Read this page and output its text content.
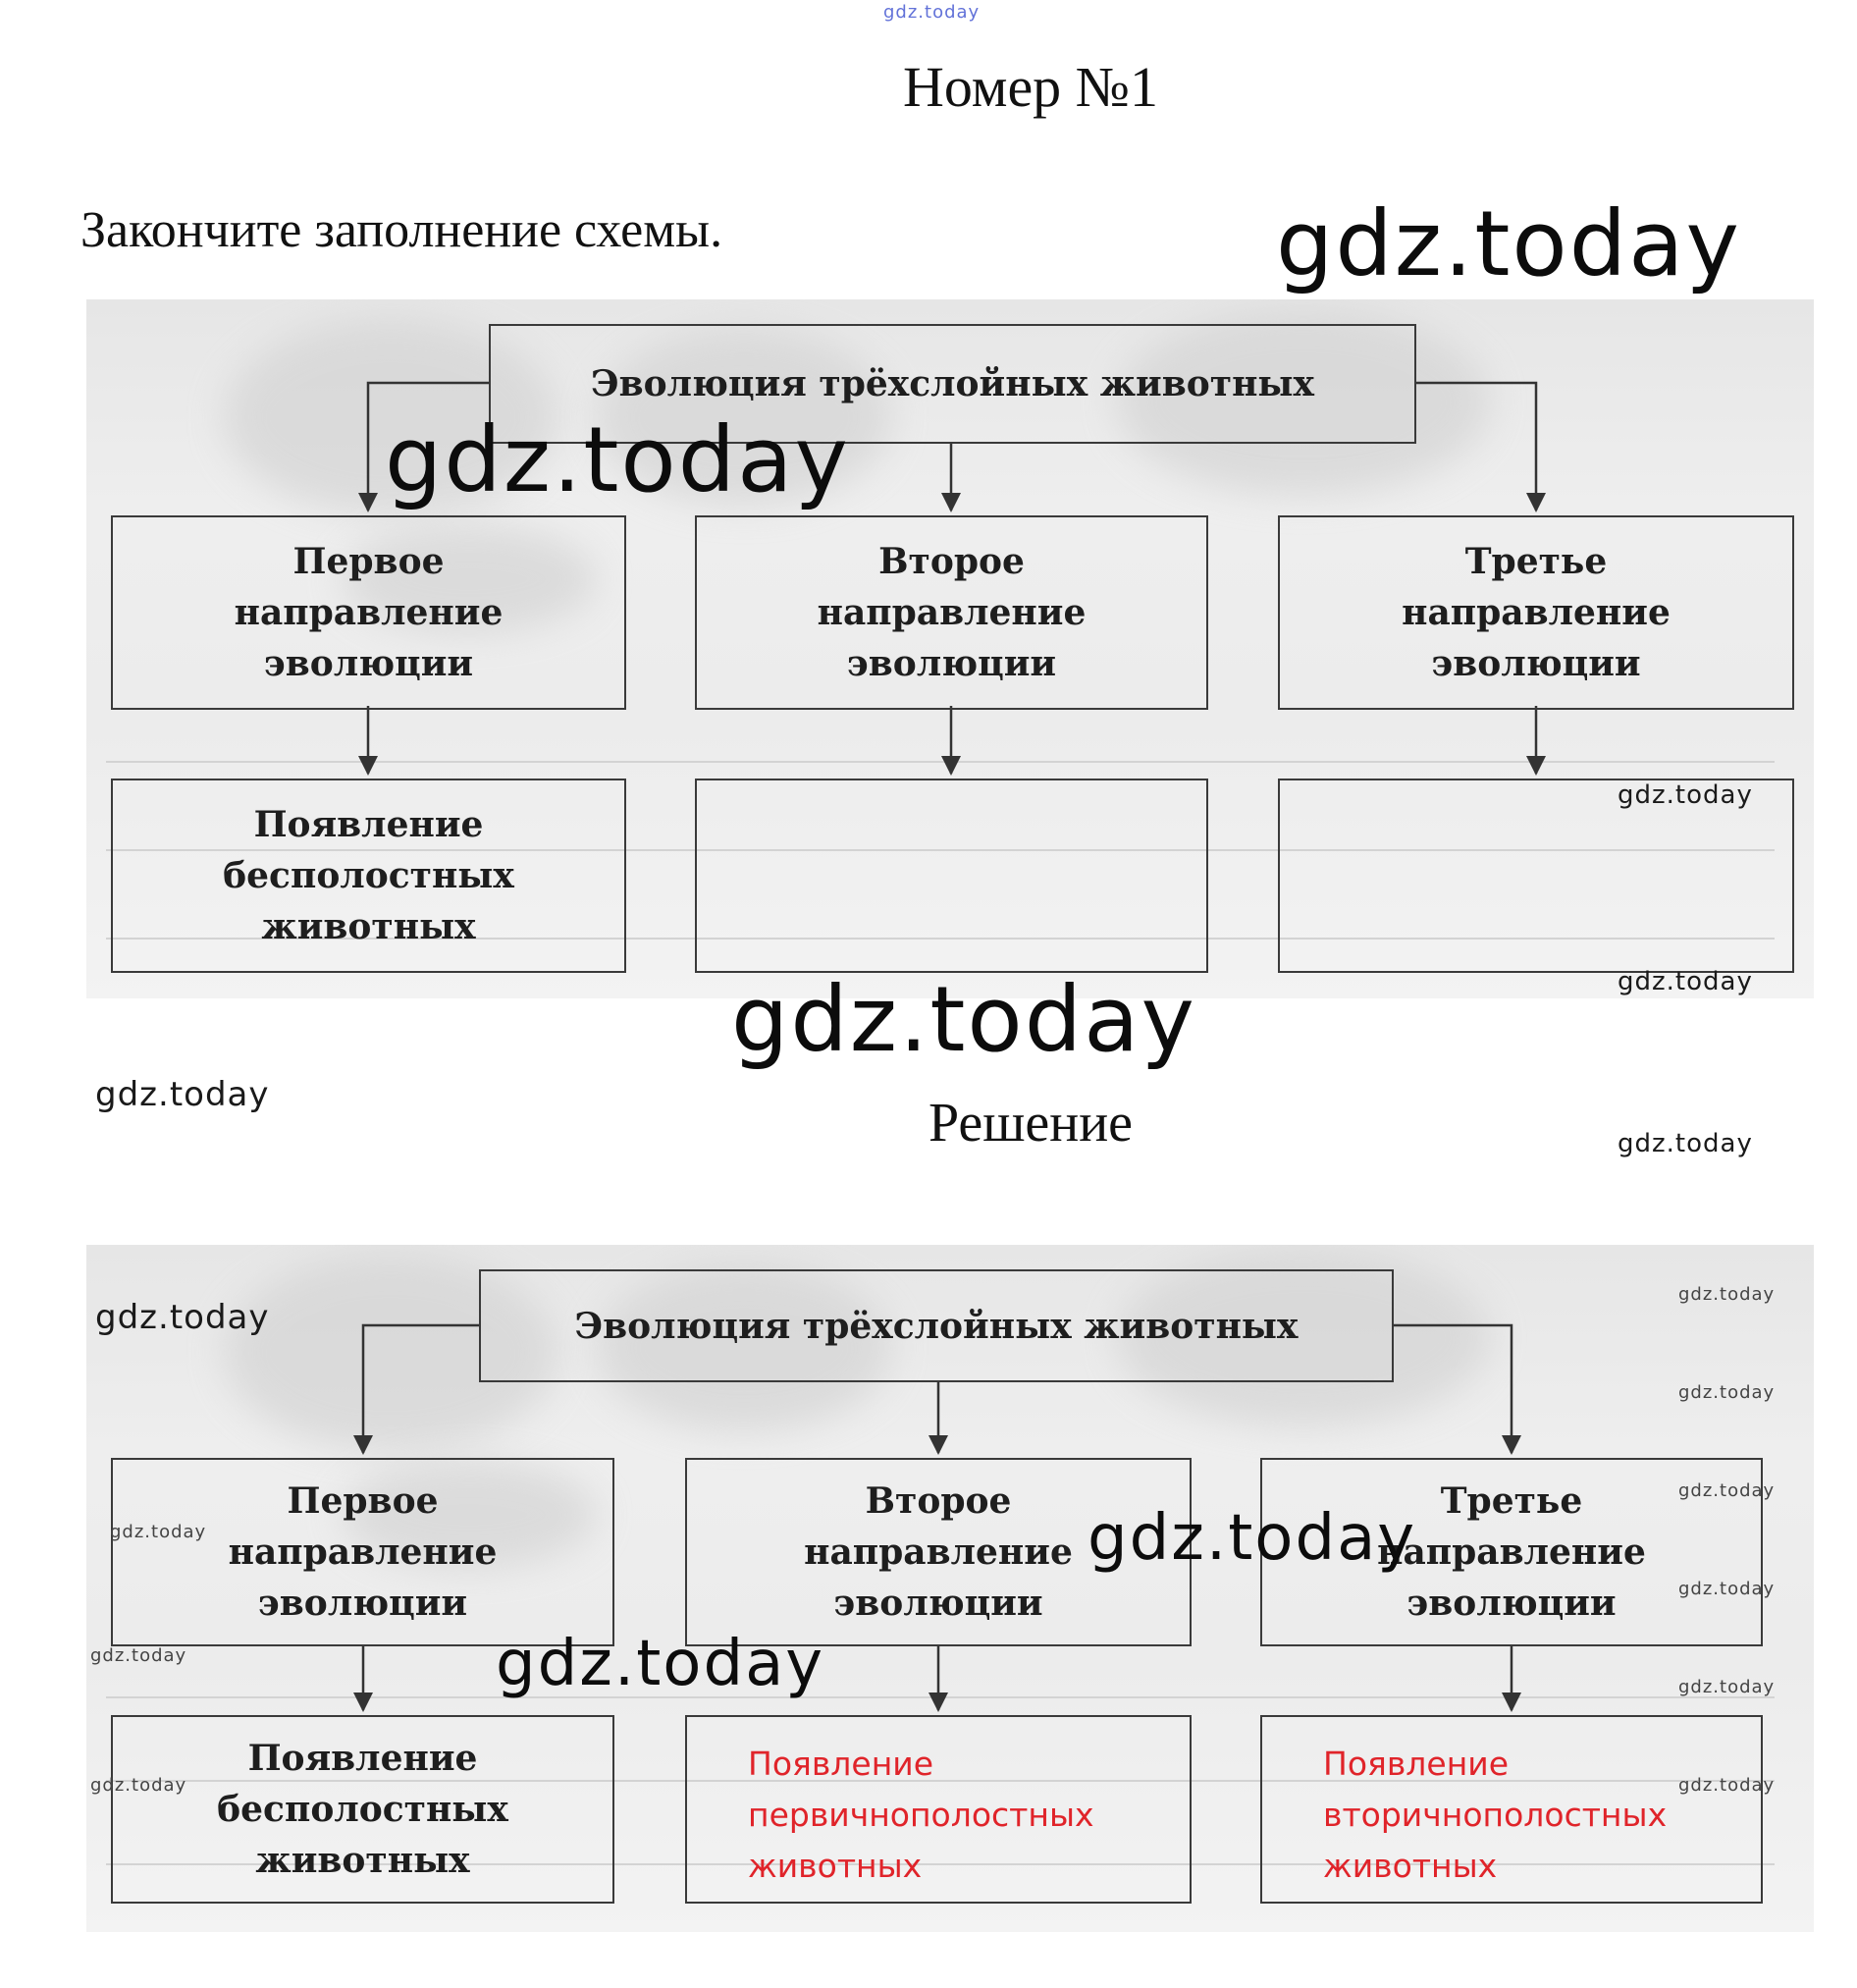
gdz.today
Номер №1
Закончите заполнение схемы.	gdz.today
Эволюция трёхслойных животных
Первое
направление
эволюции
Второе
направление
эволюции
Третье
направление
эволюции
Появление
бесполостных
животных
gdz.today
gdz.today
gdz.today
gdz.today
gdz.today	Решение	gdz.today
Эволюция трёхслойных животных
Первое
направление
эволюции
Второе
направление
эволюции
Третье
направление
эволюции
Появление
бесполостных
животных
Появление
первичнополостных
животных
Появление
вторичнополостных
животных
gdz.today
gdz.today
gdz.today
gdz.today
gdz.today
gdz.today
gdz.today
gdz.today
gdz.today
gdz.today
gdz.today
gdz.today
